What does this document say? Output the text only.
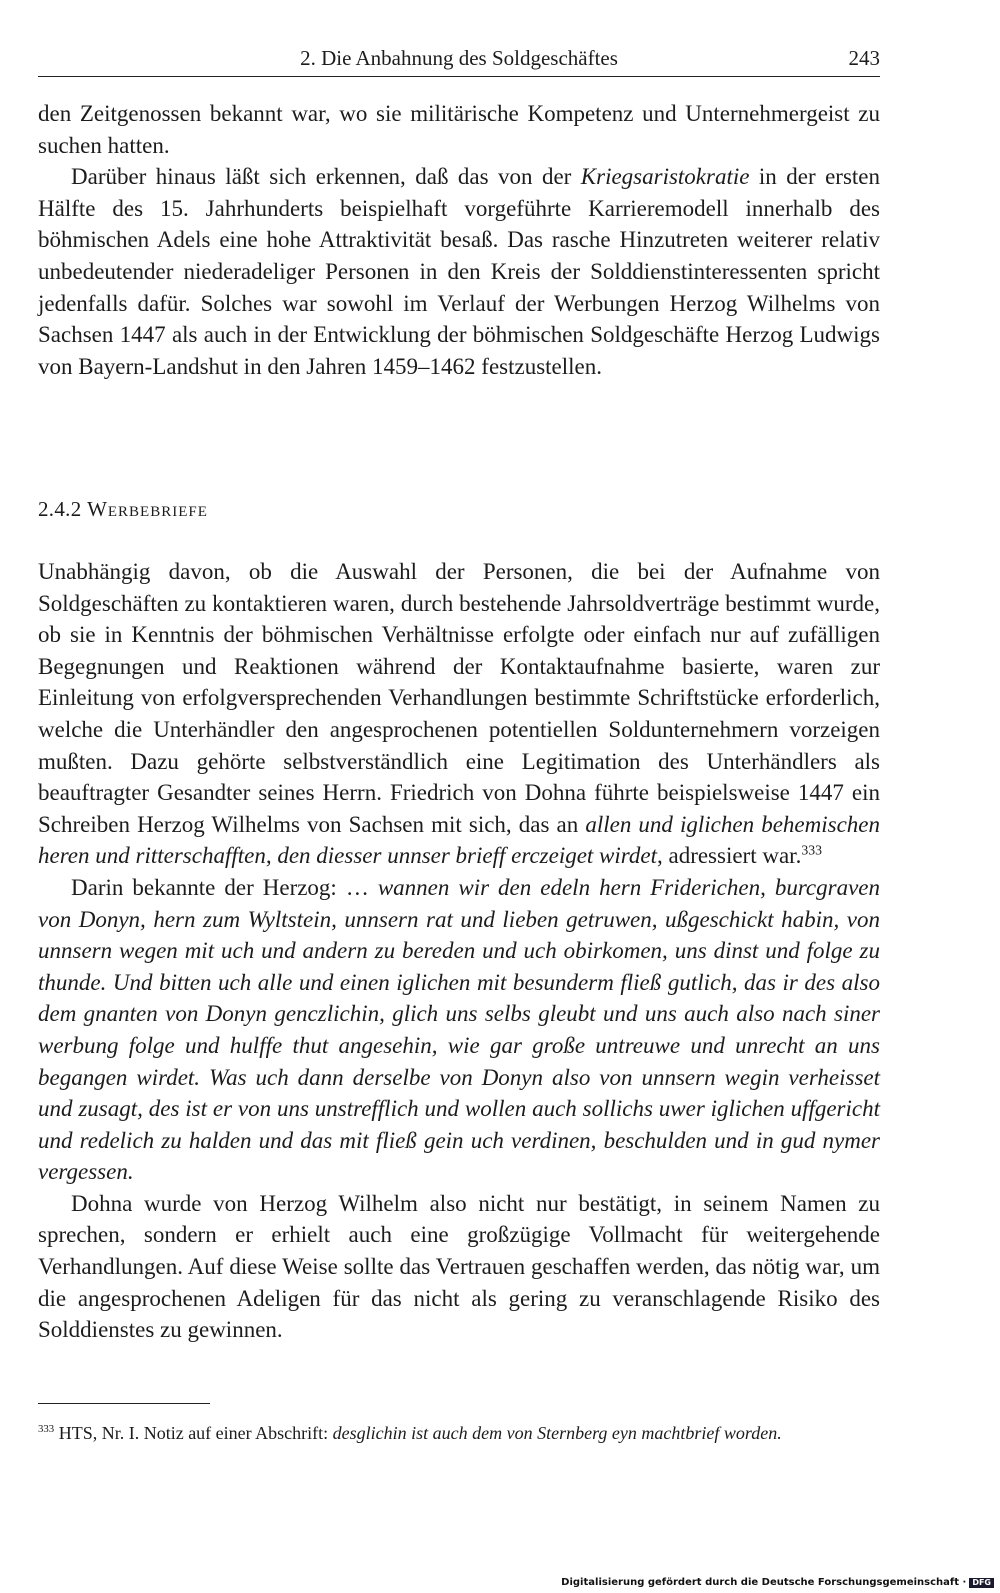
2. Die Anbahnung des Soldgeschäftes	243

den Zeitgenossen bekannt war, wo sie militärische Kompetenz und Unternehmergeist zu suchen hatten.

Darüber hinaus läßt sich erkennen, daß das von der Kriegsaristokratie in der ersten Hälfte des 15. Jahrhunderts beispielhaft vorgeführte Karrieremodell innerhalb des böhmischen Adels eine hohe Attraktivität besaß. Das rasche Hinzutreten weiterer relativ unbedeutender niederadeliger Personen in den Kreis der Solddienstinteressenten spricht jedenfalls dafür. Solches war sowohl im Verlauf der Werbungen Herzog Wilhelms von Sachsen 1447 als auch in der Entwicklung der böhmischen Soldgeschäfte Herzog Ludwigs von Bayern-Landshut in den Jahren 1459–1462 festzustellen.

2.4.2 Werbebriefe

Unabhängig davon, ob die Auswahl der Personen, die bei der Aufnahme von Soldgeschäften zu kontaktieren waren, durch bestehende Jahrsoldverträge bestimmt wurde, ob sie in Kenntnis der böhmischen Verhältnisse erfolgte oder einfach nur auf zufälligen Begegnungen und Reaktionen während der Kontaktaufnahme basierte, waren zur Einleitung von erfolgversprechenden Verhandlungen bestimmte Schriftstücke erforderlich, welche die Unterhändler den angesprochenen potentiellen Soldunternehmern vorzeigen mußten. Dazu gehörte selbstverständlich eine Legitimation des Unterhändlers als beauftragter Gesandter seines Herrn. Friedrich von Dohna führte beispielsweise 1447 ein Schreiben Herzog Wilhelms von Sachsen mit sich, das an allen und iglichen behemischen heren und ritterschafften, den diesser unnser brieff erczeiget wirdet, adressiert war.$^{333}$

Darin bekannte der Herzog: … wannen wir den edeln hern Friderichen, burcgraven von Donyn, hern zum Wyltstein, unnsern rat und lieben getruwen, ußgeschickt habin, von unnsern wegen mit uch und andern zu bereden und uch obirkomen, uns dinst und folge zu thunde. Und bitten uch alle und einen iglichen mit besunderm fließ gutlich, das ir des also dem gnanten von Donyn genczlichin, glich uns selbs gleubt und uns auch also nach siner werbung folge und hulffe thut angesehin, wie gar große untreuwe und unrecht an uns begangen wirdet. Was uch dann derselbe von Donyn also von unnsern wegin verheisset und zusagt, des ist er von uns unstrefflich und wollen auch sollichs uwer iglichen uffgericht und redelich zu halden und das mit fließ gein uch verdinen, beschulden und in gud nymer vergessen.

Dohna wurde von Herzog Wilhelm also nicht nur bestätigt, in seinem Namen zu sprechen, sondern er erhielt auch eine großzügige Vollmacht für weitergehende Verhandlungen. Auf diese Weise sollte das Vertrauen geschaffen werden, das nötig war, um die angesprochenen Adeligen für das nicht als gering zu veranschlagende Risiko des Solddienstes zu gewinnen.

$^{333}$ HTS, Nr. I. Notiz auf einer Abschrift: desglichin ist auch dem von Sternberg eyn machtbrief worden.
Digitalisierung gefördert durch die Deutsche Forschungsgemeinschaft · DFG
